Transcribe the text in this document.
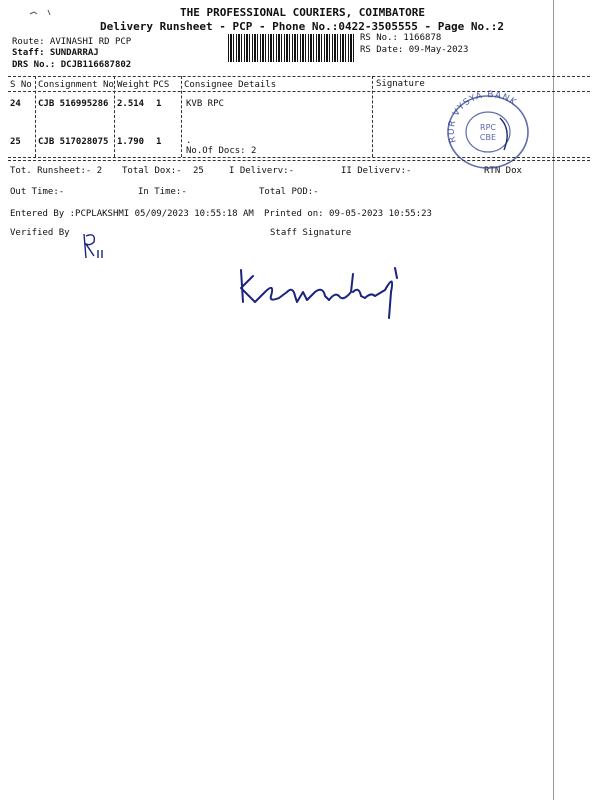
THE PROFESSIONAL COURIERS, COIMBATORE
Delivery Runsheet - PCP - Phone No.:0422-3505555 - Page No.:2
Route: AVINASHI RD PCP
Staff: SUNDARRAJ
DRS No.: DCJB116687802
RS No.: 1166878
RS Date: 09-May-2023
S No Consignment No Weight PCS Consignee Details	Signature
24 CJB 516995286 2.514 1	KVB RPC
25 CJB 517028075 1.790 1	.
No.Of Docs: 2
Tot. Runsheet:- 2 Total Dox:- 25	I Deliverv:-	II Deliverv:-	RTN Dox
Out Time:-	In Time:-	Total POD:-
Entered By :PCPLAKSHMI 05/09/2023 10:55:18 AM Printed on: 09-05-2023 10:55:23
Verified By	Staff Signature
RUR VYSYA BANK
RPC
CBE
